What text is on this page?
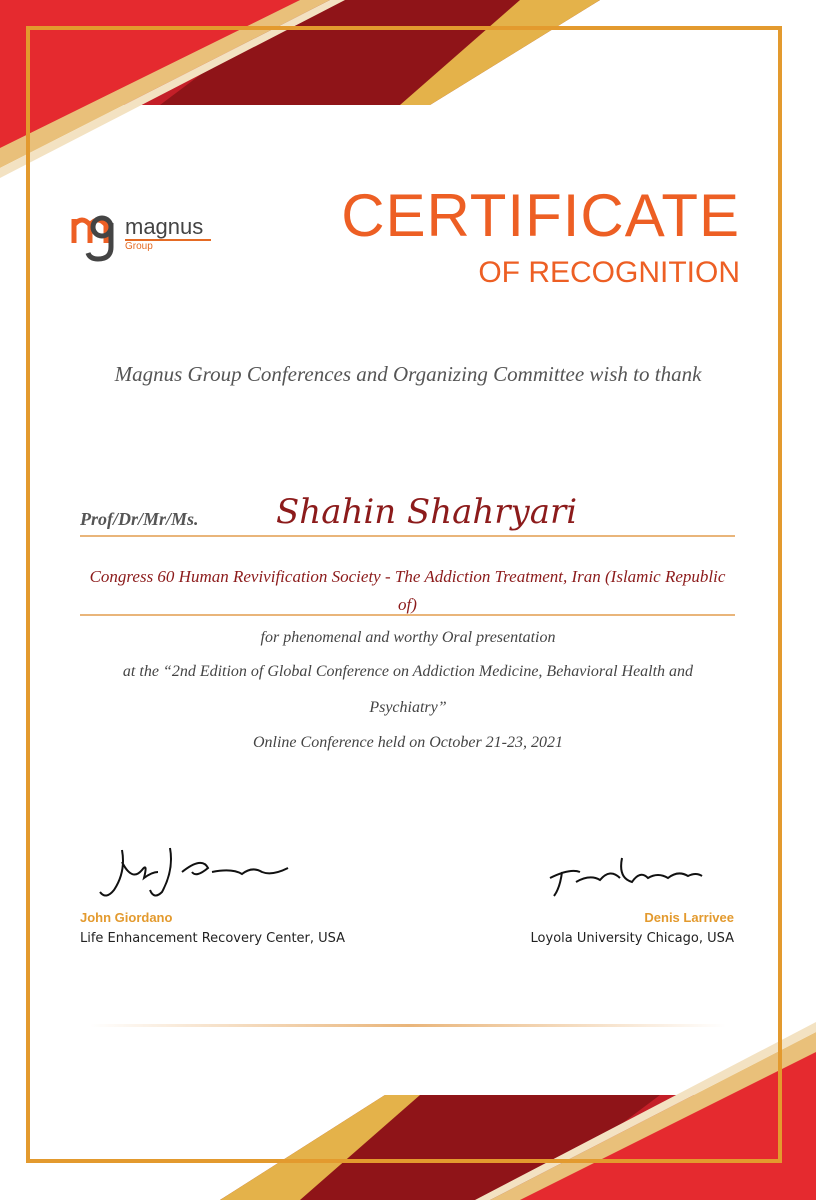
magnus
Group	CERTIFICATE
OF RECOGNITION
Magnus Group Conferences and Organizing Committee wish to thank
Prof/Dr/Mr/Ms. Shahin Shahryari
Congress 60 Human Revivification Society - The Addiction Treatment, Iran (Islamic Republic of)
for phenomenal and worthy Oral presentation
at the “2nd Edition of Global Conference on Addiction Medicine, Behavioral Health and
Psychiatry”
Online Conference held on October 21-23, 2021
John Giordano
Life Enhancement Recovery Center, USA
Denis Larrivee
Loyola University Chicago, USA
